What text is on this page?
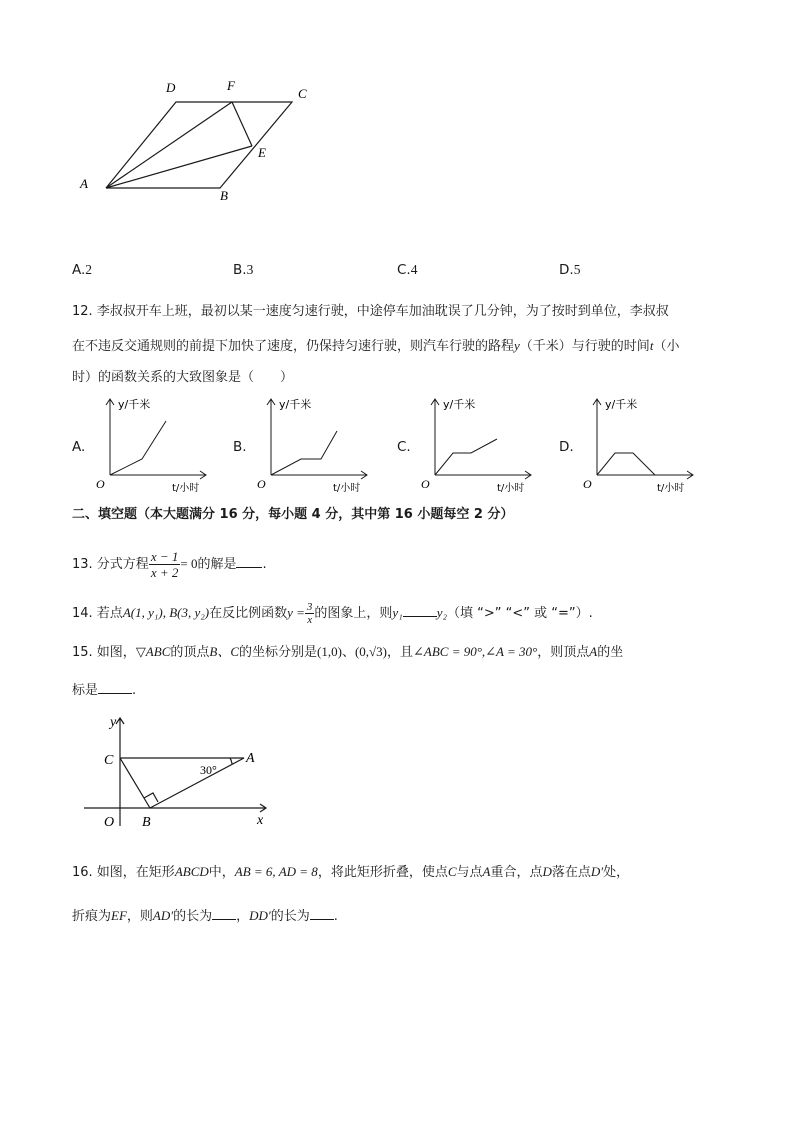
D	F
C
A
E
B
A.2	B.3	C.4	D.5
12. 李叔叔开车上班，最初以某一速度匀速行驶，中途停车加油耽误了几分钟，为了按时到单位，李叔叔
在不违反交通规则的前提下加快了速度，仍保持匀速行驶，则汽车行驶的路程y（千米）与行驶的时间t（小
时）的函数关系的大致图象是（　　）
A.
y/千米
t/小时
O
B.
y/千米
t/小时
O
C.
y/千米
t/小时
O
D.
y/千米
t/小时
O
二、填空题（本大题满分 16 分，每小题 4 分，其中第 16 小题每空 2 分）
13. 分式方程 $\frac{x - 1}{x + 2} = 0$的解是 .
14. 若点A(1, y₁), B(3, y₂)在反比例函数$y = \frac{3}{x}$ 的图象上，则y₁	y₂（填 “>” “<” 或 “=”）.
15. 如图，▽ABC的顶点B、C的坐标分别是(1,0)、(0,√3)，且∠ABC = 90°,∠A = 30°，则顶点A的坐
标是	.
y
x
O B
C	A
30°
16. 如图，在矩形ABCD中，AB = 6, AD = 8，将此矩形折叠，使点C与点A重合，点D落在点D′处，
折痕为EF，则AD′的长为 ，DD′的长为 .
